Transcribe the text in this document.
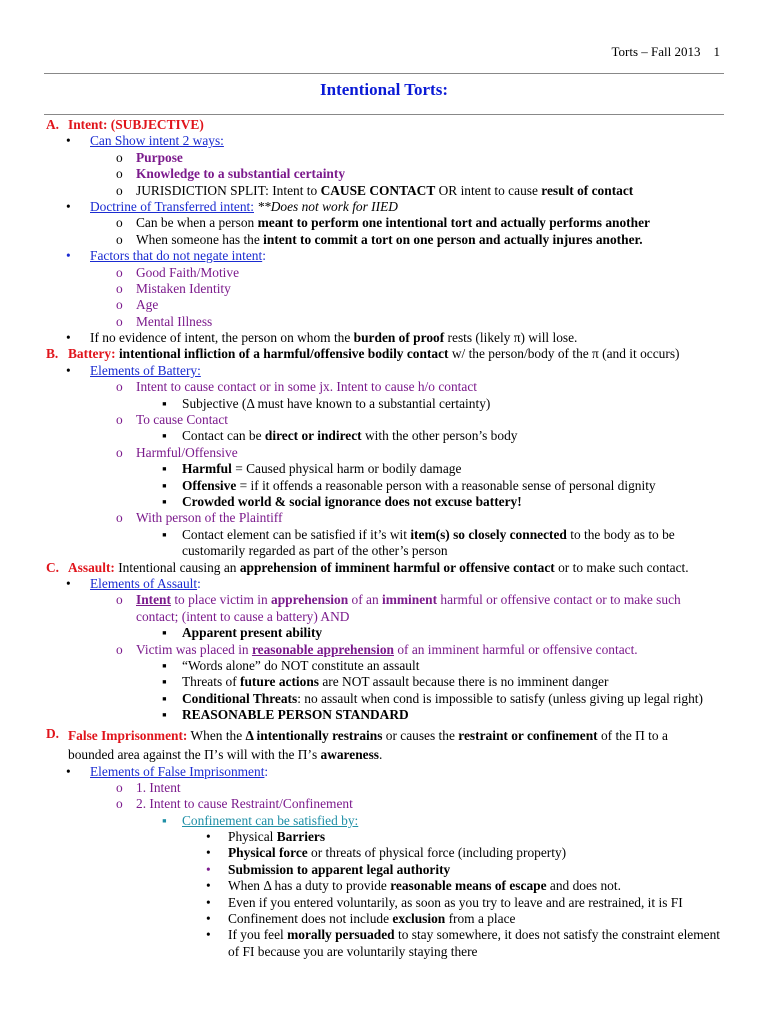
Torts – Fall 2013 1
Intentional Torts:
A. Intent: (SUBJECTIVE)
• Can Show intent 2 ways:
o Purpose
o Knowledge to a substantial certainty
o JURISDICTION SPLIT: Intent to CAUSE CONTACT OR intent to cause result of contact
• Doctrine of Transferred intent: **Does not work for IIED
o Can be when a person meant to perform one intentional tort and actually performs another
o When someone has the intent to commit a tort on one person and actually injures another.
• Factors that do not negate intent:
o Good Faith/Motive
o Mistaken Identity
o Age
o Mental Illness
• If no evidence of intent, the person on whom the burden of proof rests (likely π) will lose.
B. Battery: intentional infliction of a harmful/offensive bodily contact w/ the person/body of the π (and it occurs)
• Elements of Battery:
o Intent to cause contact or in some jx. Intent to cause h/o contact
▪ Subjective (Δ must have known to a substantial certainty)
o To cause Contact
▪ Contact can be direct or indirect with the other person’s body
o Harmful/Offensive
▪ Harmful = Caused physical harm or bodily damage
▪ Offensive = if it offends a reasonable person with a reasonable sense of personal dignity
▪ Crowded world & social ignorance does not excuse battery!
o With person of the Plaintiff
▪ Contact element can be satisfied if it’s wit item(s) so closely connected to the body as to be customarily regarded as part of the other’s person
C. Assault: Intentional causing an apprehension of imminent harmful or offensive contact or to make such contact.
• Elements of Assault:
o Intent to place victim in apprehension of an imminent harmful or offensive contact or to make such contact; (intent to cause a battery) AND
▪ Apparent present ability
o Victim was placed in reasonable apprehension of an imminent harmful or offensive contact.
▪ “Words alone” do NOT constitute an assault
▪ Threats of future actions are NOT assault because there is no imminent danger
▪ Conditional Threats: no assault when cond is impossible to satisfy (unless giving up legal right)
▪ REASONABLE PERSON STANDARD
D. False Imprisonment: When the Δ intentionally restrains or causes the restraint or confinement of the Π to a bounded area against the Π’s will with the Π’s awareness.
• Elements of False Imprisonment:
o 1. Intent
o 2. Intent to cause Restraint/Confinement
▪ Confinement can be satisfied by:
• Physical Barriers
• Physical force or threats of physical force (including property)
• Submission to apparent legal authority
• When Δ has a duty to provide reasonable means of escape and does not.
• Even if you entered voluntarily, as soon as you try to leave and are restrained, it is FI
• Confinement does not include exclusion from a place
• If you feel morally persuaded to stay somewhere, it does not satisfy the constraint element of FI because you are voluntarily staying there
